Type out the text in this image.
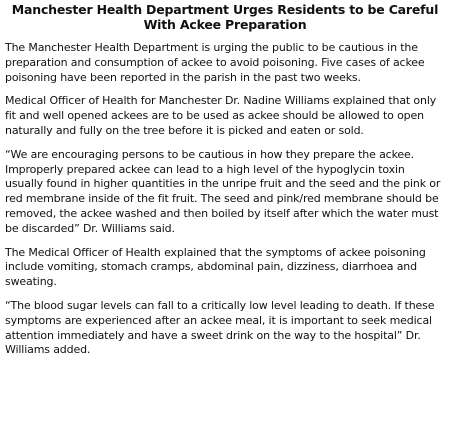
Manchester Health Department Urges Residents to be Careful
With Ackee Preparation

The Manchester Health Department is urging the public to be cautious in the preparation and consumption of ackee to avoid poisoning. Five cases of ackee poisoning have been reported in the parish in the past two weeks.

Medical Officer of Health for Manchester Dr. Nadine Williams explained that only fit and well opened ackees are to be used as ackee should be allowed to open naturally and fully on the tree before it is picked and eaten or sold.

“We are encouraging persons to be cautious in how they prepare the ackee. Improperly prepared ackee can lead to a high level of the hypoglycin toxin usually found in higher quantities in the unripe fruit and the seed and the pink or red membrane inside of the fit fruit. The seed and pink/red membrane should be removed, the ackee washed and then boiled by itself after which the water must be discarded” Dr. Williams said.

The Medical Officer of Health explained that the symptoms of ackee poisoning include vomiting, stomach cramps, abdominal pain, dizziness, diarrhoea and sweating.

“The blood sugar levels can fall to a critically low level leading to death. If these symptoms are experienced after an ackee meal, it is important to seek medical attention immediately and have a sweet drink on the way to the hospital” Dr. Williams added.
